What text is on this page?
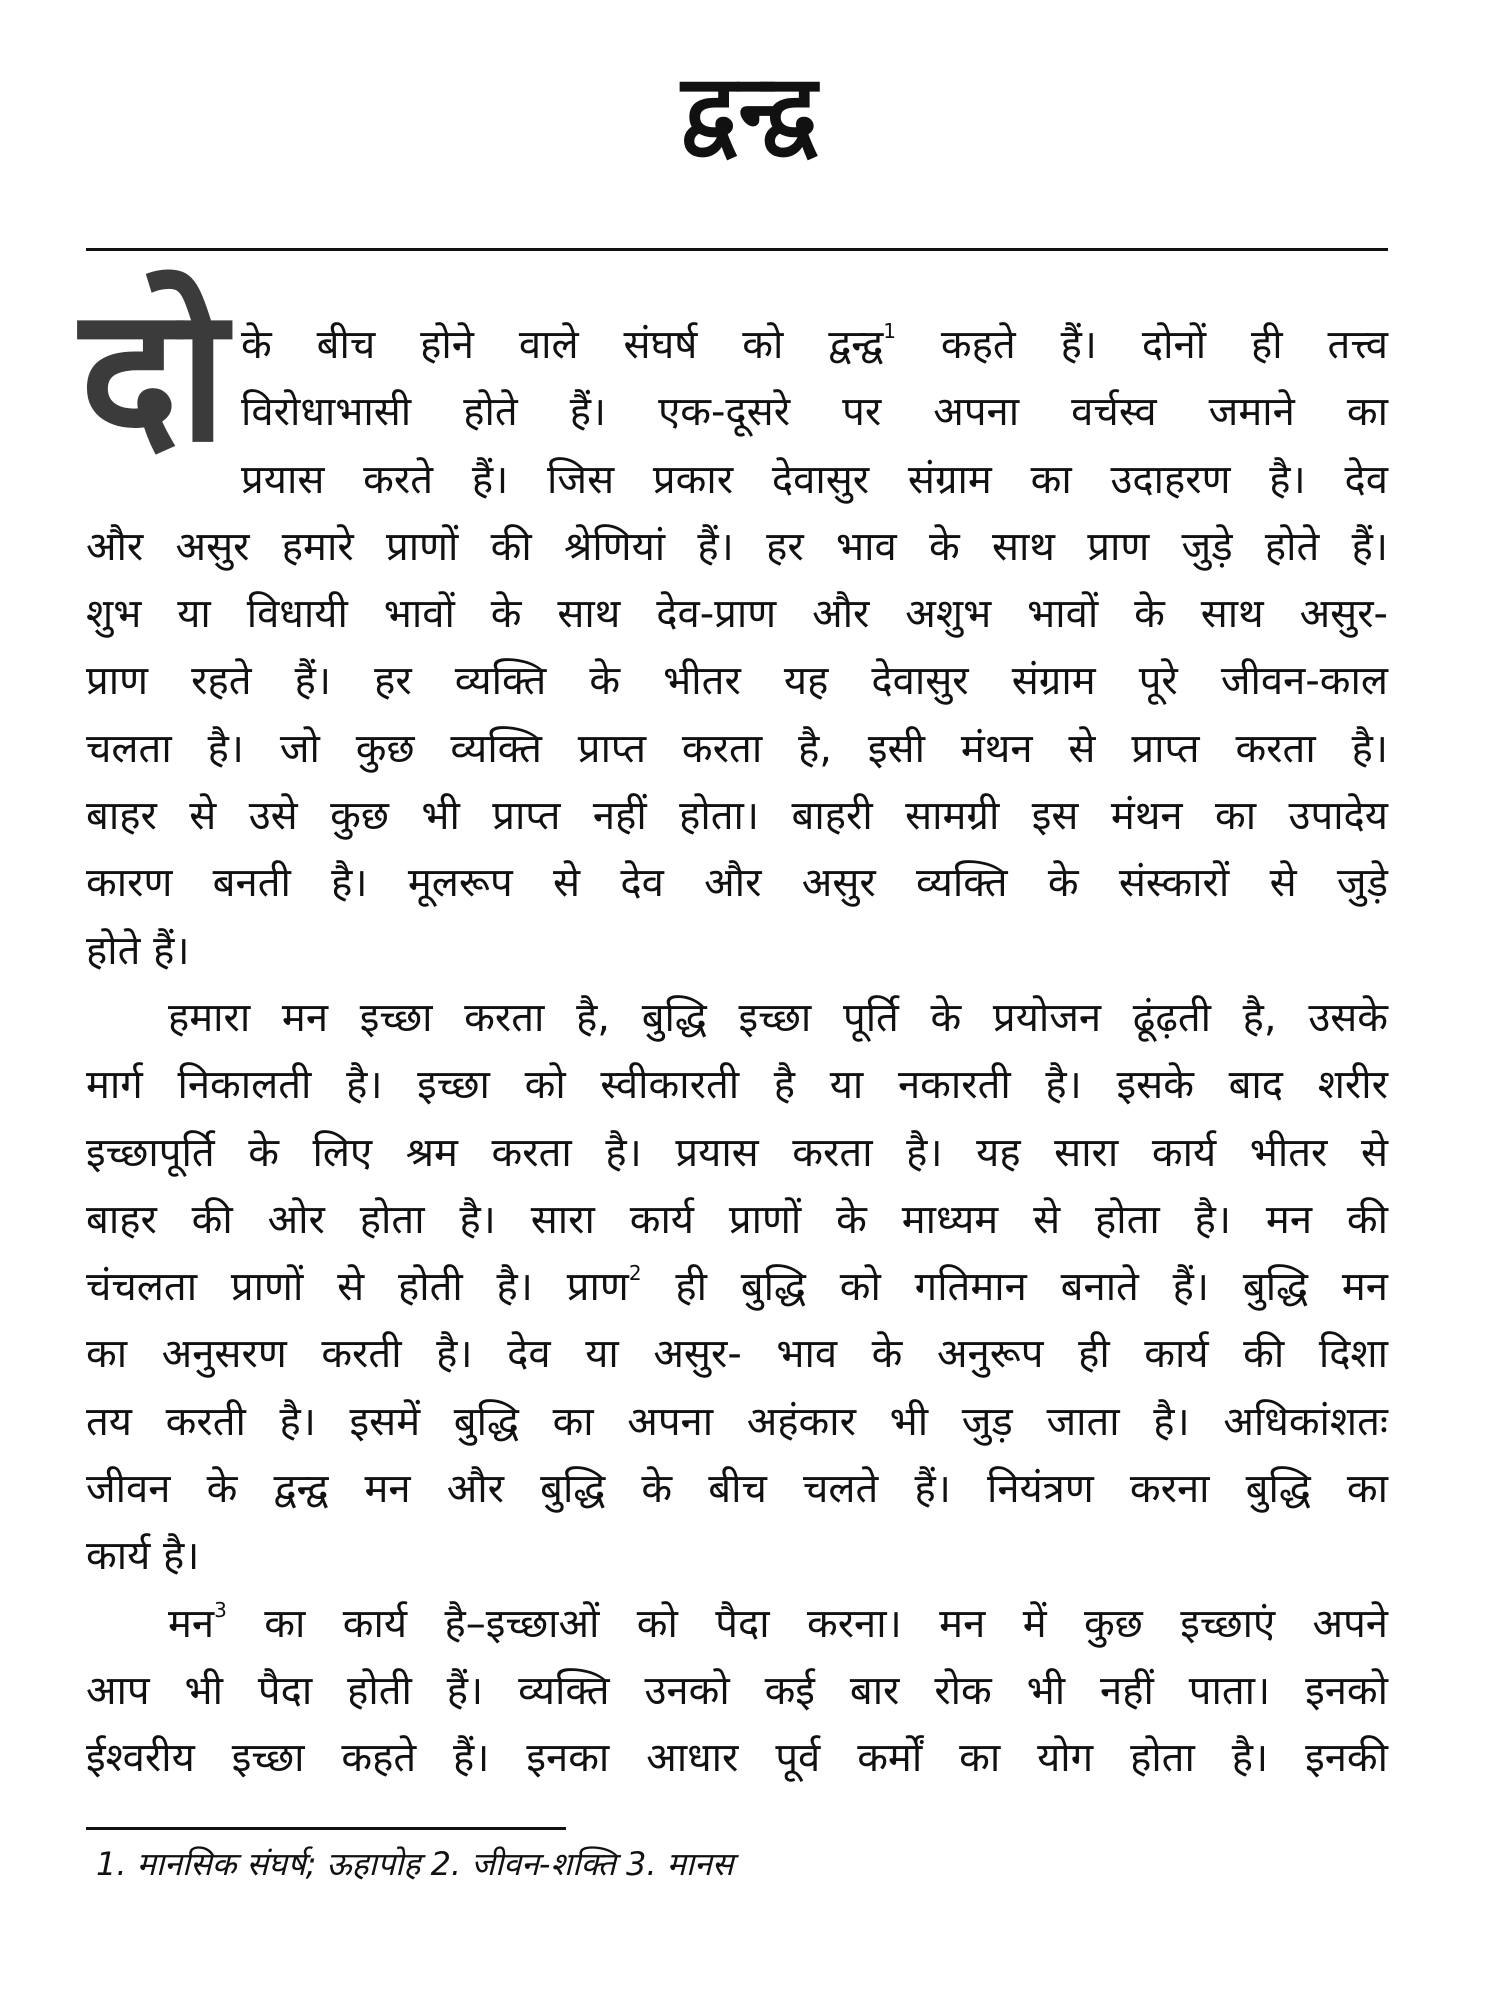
द्वन्द्व
दो के बीच होने वाले संघर्ष को द्वन्द्व$^1$ कहते हैं। दोनों ही तत्त्व
विरोधाभासी होते हैं। एक-दूसरे पर अपना वर्चस्व जमाने का
प्रयास करते हैं। जिस प्रकार देवासुर संग्राम का उदाहरण है। देव
और असुर हमारे प्राणों की श्रेणियां हैं। हर भाव के साथ प्राण जुड़े होते हैं।
शुभ या विधायी भावों के साथ देव-प्राण और अशुभ भावों के साथ असुर-
प्राण रहते हैं। हर व्यक्ति के भीतर यह देवासुर संग्राम पूरे जीवन-काल
चलता है। जो कुछ व्यक्ति प्राप्त करता है, इसी मंथन से प्राप्त करता है।
बाहर से उसे कुछ भी प्राप्त नहीं होता। बाहरी सामग्री इस मंथन का उपादेय
कारण बनती है। मूलरूप से देव और असुर व्यक्ति के संस्कारों से जुड़े
होते हैं।

हमारा मन इच्छा करता है, बुद्धि इच्छा पूर्ति के प्रयोजन ढूंढ़ती है, उसके
मार्ग निकालती है। इच्छा को स्वीकारती है या नकारती है। इसके बाद शरीर
इच्छापूर्ति के लिए श्रम करता है। प्रयास करता है। यह सारा कार्य भीतर से
बाहर की ओर होता है। सारा कार्य प्राणों के माध्यम से होता है। मन की
चंचलता प्राणों से होती है। प्राण$^2$ ही बुद्धि को गतिमान बनाते हैं। बुद्धि मन
का अनुसरण करती है। देव या असुर- भाव के अनुरूप ही कार्य की दिशा
तय करती है। इसमें बुद्धि का अपना अहंकार भी जुड़ जाता है। अधिकांशतः
जीवन के द्वन्द्व मन और बुद्धि के बीच चलते हैं। नियंत्रण करना बुद्धि का
कार्य है।

मन$^3$ का कार्य है–इच्छाओं को पैदा करना। मन में कुछ इच्छाएं अपने
आप भी पैदा होती हैं। व्यक्ति उनको कई बार रोक भी नहीं पाता। इनको
ईश्वरीय इच्छा कहते हैं। इनका आधार पूर्व कर्मों का योग होता है। इनकी

1. मानसिक संघर्ष; ऊहापोह 2. जीवन-शक्ति 3. मानस
